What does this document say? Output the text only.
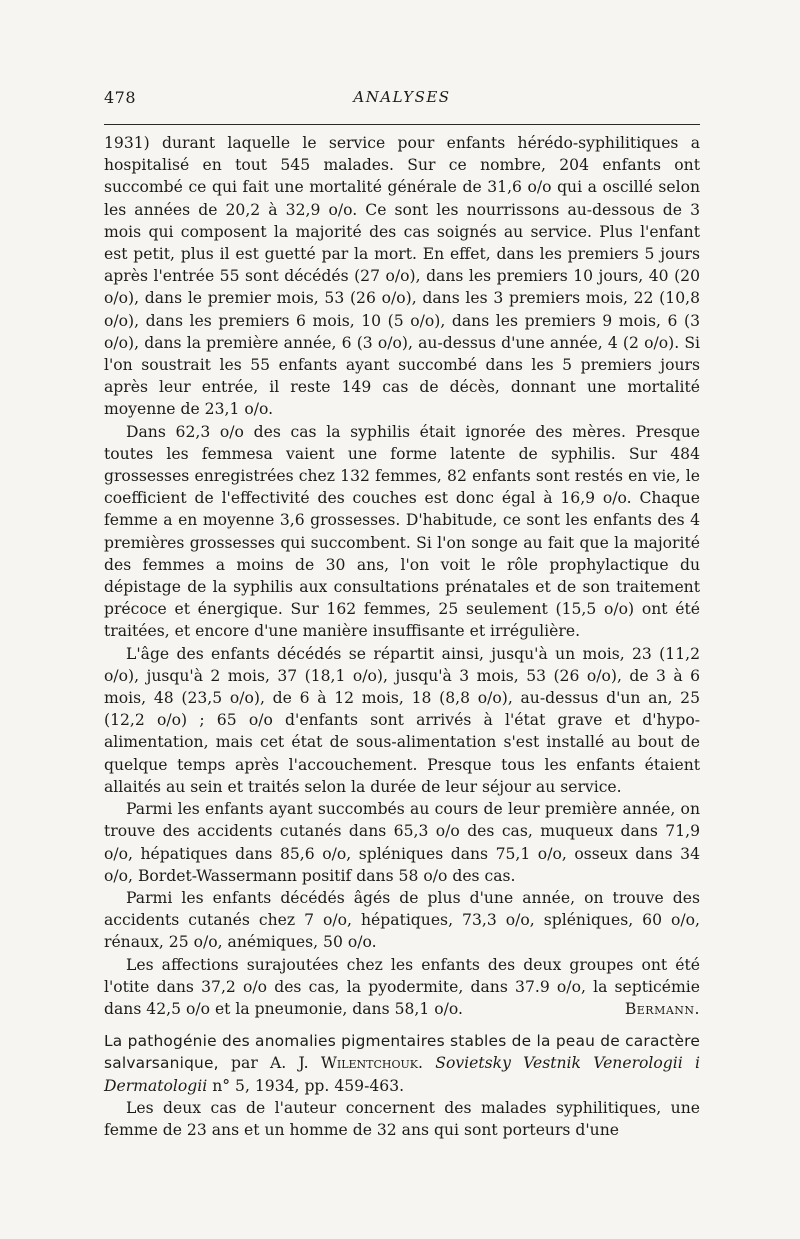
478	ANALYSES

1931) durant laquelle le service pour enfants hérédo-syphilitiques a hospitalisé en tout 545 malades. Sur ce nombre, 204 enfants ont succombé ce qui fait une mortalité générale de 31,6 o/o qui a oscillé selon les années de 20,2 à 32,9 o/o. Ce sont les nourrissons au-dessous de 3 mois qui composent la majorité des cas soignés au service. Plus l'enfant est petit, plus il est guetté par la mort. En effet, dans les premiers 5 jours après l'entrée 55 sont décédés (27 o/o), dans les premiers 10 jours, 40 (20 o/o), dans le premier mois, 53 (26 o/o), dans les 3 premiers mois, 22 (10,8 o/o), dans les premiers 6 mois, 10 (5 o/o), dans les premiers 9 mois, 6 (3 o/o), dans la première année, 6 (3 o/o), au-dessus d'une année, 4 (2 o/o). Si l'on soustrait les 55 enfants ayant succombé dans les 5 premiers jours après leur entrée, il reste 149 cas de décès, donnant une mortalité moyenne de 23,1 o/o.

Dans 62,3 o/o des cas la syphilis était ignorée des mères. Presque toutes les femmesa vaient une forme latente de syphilis. Sur 484 grossesses enregistrées chez 132 femmes, 82 enfants sont restés en vie, le coefficient de l'effectivité des couches est donc égal à 16,9 o/o. Chaque femme a en moyenne 3,6 grossesses. D'habitude, ce sont les enfants des 4 premières grossesses qui succombent. Si l'on songe au fait que la majorité des femmes a moins de 30 ans, l'on voit le rôle prophylactique du dépistage de la syphilis aux consultations prénatales et de son traitement précoce et énergique. Sur 162 femmes, 25 seulement (15,5 o/o) ont été traitées, et encore d'une manière insuffisante et irrégulière.

L'âge des enfants décédés se répartit ainsi, jusqu'à un mois, 23 (11,2 o/o), jusqu'à 2 mois, 37 (18,1 o/o), jusqu'à 3 mois, 53 (26 o/o), de 3 à 6 mois, 48 (23,5 o/o), de 6 à 12 mois, 18 (8,8 o/o), au-dessus d'un an, 25 (12,2 o/o) ; 65 o/o d'enfants sont arrivés à l'état grave et d'hypo-alimentation, mais cet état de sous-alimentation s'est installé au bout de quelque temps après l'accouchement. Presque tous les enfants étaient allaités au sein et traités selon la durée de leur séjour au service.

Parmi les enfants ayant succombés au cours de leur première année, on trouve des accidents cutanés dans 65,3 o/o des cas, muqueux dans 71,9 o/o, hépatiques dans 85,6 o/o, spléniques dans 75,1 o/o, osseux dans 34 o/o, Bordet-Wassermann positif dans 58 o/o des cas.

Parmi les enfants décédés âgés de plus d'une année, on trouve des accidents cutanés chez 7 o/o, hépatiques, 73,3 o/o, spléniques, 60 o/o, rénaux, 25 o/o, anémiques, 50 o/o.

Les affections surajoutées chez les enfants des deux groupes ont été l'otite dans 37,2 o/o des cas, la pyodermite, dans 37.9 o/o, la septicémie dans 42,5 o/o et la pneumonie, dans 58,1 o/o.	Bermann.

La pathogénie des anomalies pigmentaires stables de la peau de caractère salvarsanique, par A. J. Wilentchouk. Sovietsky Vestnik Venerologii i Dermatologii n° 5, 1934, pp. 459-463.

Les deux cas de l'auteur concernent des malades syphilitiques, une femme de 23 ans et un homme de 32 ans qui sont porteurs d'une
